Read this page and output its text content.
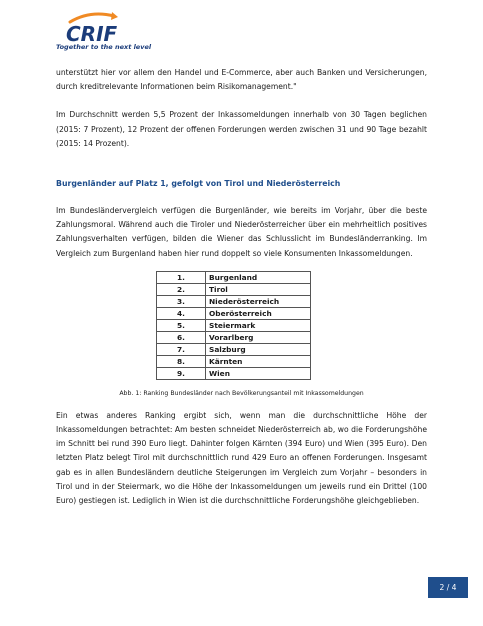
CRIF
Together to the next level

unterstützt hier vor allem den Handel und E-Commerce, aber auch Banken und Versicherungen, durch kreditrelevante Informationen beim Risikomanagement."

Im Durchschnitt werden 5,5 Prozent der Inkassomeldungen innerhalb von 30 Tagen beglichen (2015: 7 Prozent), 12 Prozent der offenen Forderungen werden zwischen 31 und 90 Tage bezahlt (2015: 14 Prozent).

Burgenländer auf Platz 1, gefolgt von Tirol und Niederösterreich

Im Bundesländervergleich verfügen die Burgenländer, wie bereits im Vorjahr, über die beste Zahlungsmoral. Während auch die Tiroler und Niederösterreicher über ein mehrheitlich positives Zahlungsverhalten verfügen, bilden die Wiener das Schlusslicht im Bundesländerranking. Im Vergleich zum Burgenland haben hier rund doppelt so viele Konsumenten Inkassomeldungen.

1.	Burgenland
2.	Tirol
3.	Niederösterreich
4.	Oberösterreich
5.	Steiermark
6.	Vorarlberg
7.	Salzburg
8.	Kärnten
9.	Wien
Abb. 1: Ranking Bundesländer nach Bevölkerungsanteil mit Inkassomeldungen

Ein etwas anderes Ranking ergibt sich, wenn man die durchschnittliche Höhe der Inkassomeldungen betrachtet: Am besten schneidet Niederösterreich ab, wo die Forderungshöhe im Schnitt bei rund 390 Euro liegt. Dahinter folgen Kärnten (394 Euro) und Wien (395 Euro). Den letzten Platz belegt Tirol mit durchschnittlich rund 429 Euro an offenen Forderungen. Insgesamt gab es in allen Bundesländern deutliche Steigerungen im Vergleich zum Vorjahr – besonders in Tirol und in der Steiermark, wo die Höhe der Inkassomeldungen um jeweils rund ein Drittel (100 Euro) gestiegen ist. Lediglich in Wien ist die durchschnittliche Forderungshöhe gleichgeblieben.

2 / 4
